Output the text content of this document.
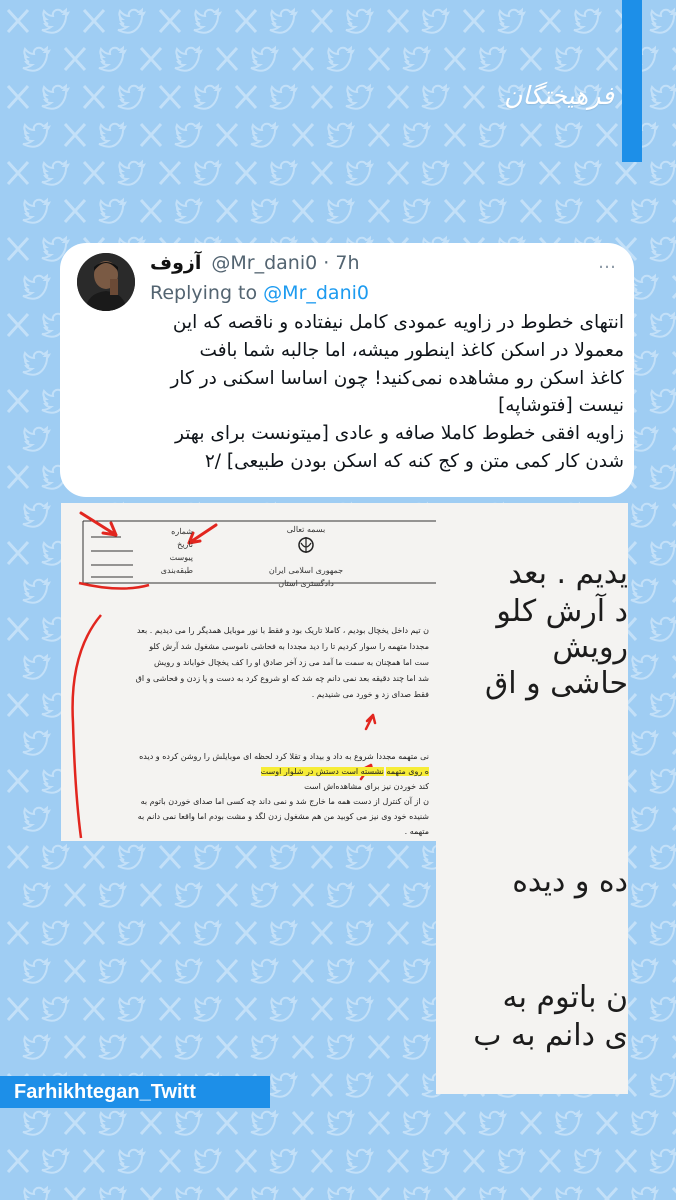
فرهیختگان
آزوف @Mr_dani0 · 7h	…
Replying to @Mr_dani0
انتهای خطوط در زاویه عمودی کامل نیفتاده و ناقصه که این
معمولا در اسکن کاغذ اینطور میشه، اما جالبه شما بافت
کاغذ اسکن رو مشاهده نمی‌کنید! چون اساسا اسکنی در کار
نیست [فتوشاپه]
زاویه افقی خطوط کاملا صافه و عادی [میتونست برای بهتر
شدن کار کمی متن و کج کنه که اسکن بودن طبیعی] /۲
شماره
تاریخ
پیوست
طبقه‌بندی
بسمه تعالی
جمهوری اسلامی ایران
دادگستری استان
ن تیم داخل یخچال بودیم ، کاملا تاریک بود و فقط با نور موبایل همدیگر را می دیدیم . بعد
مجددا متهمه را سوار کردیم تا را دید مجددا به فحاشی ناموسی مشغول شد آرش کلو
ست اما همچنان به سمت ما آمد می زد آخر صادق او را کف یخچال خواباند و رویش
شد اما چند دقیقه بعد نمی دانم چه شد که او شروع کرد به دست و پا زدن و فحاشی و اق
فقط صدای زد و خورد می شنیدیم .
نی متهمه مجددا شروع به داد و بیداد و تقلا کرد لحظه ای موبایلش را روشن کرده و دیده
ه روی متهمه نشسته است دستش در شلوار اوست
کند خوردن نیز برای مشاهده‌اش است
ن از آن کنترل از دست همه ما خارج شد و نمی داند چه کسی اما صدای خوردن باتوم به
شنیده خود وی نیز می کوبید من هم مشغول زدن لگد و مشت بودم اما واقعا نمی دانم به
متهمه .
یدیم . بعد
د آرش کلو
رویش
حاشی و اق
ده و دیده
ن باتوم به
ی دانم به ب
Farhikhtegan_Twitt
